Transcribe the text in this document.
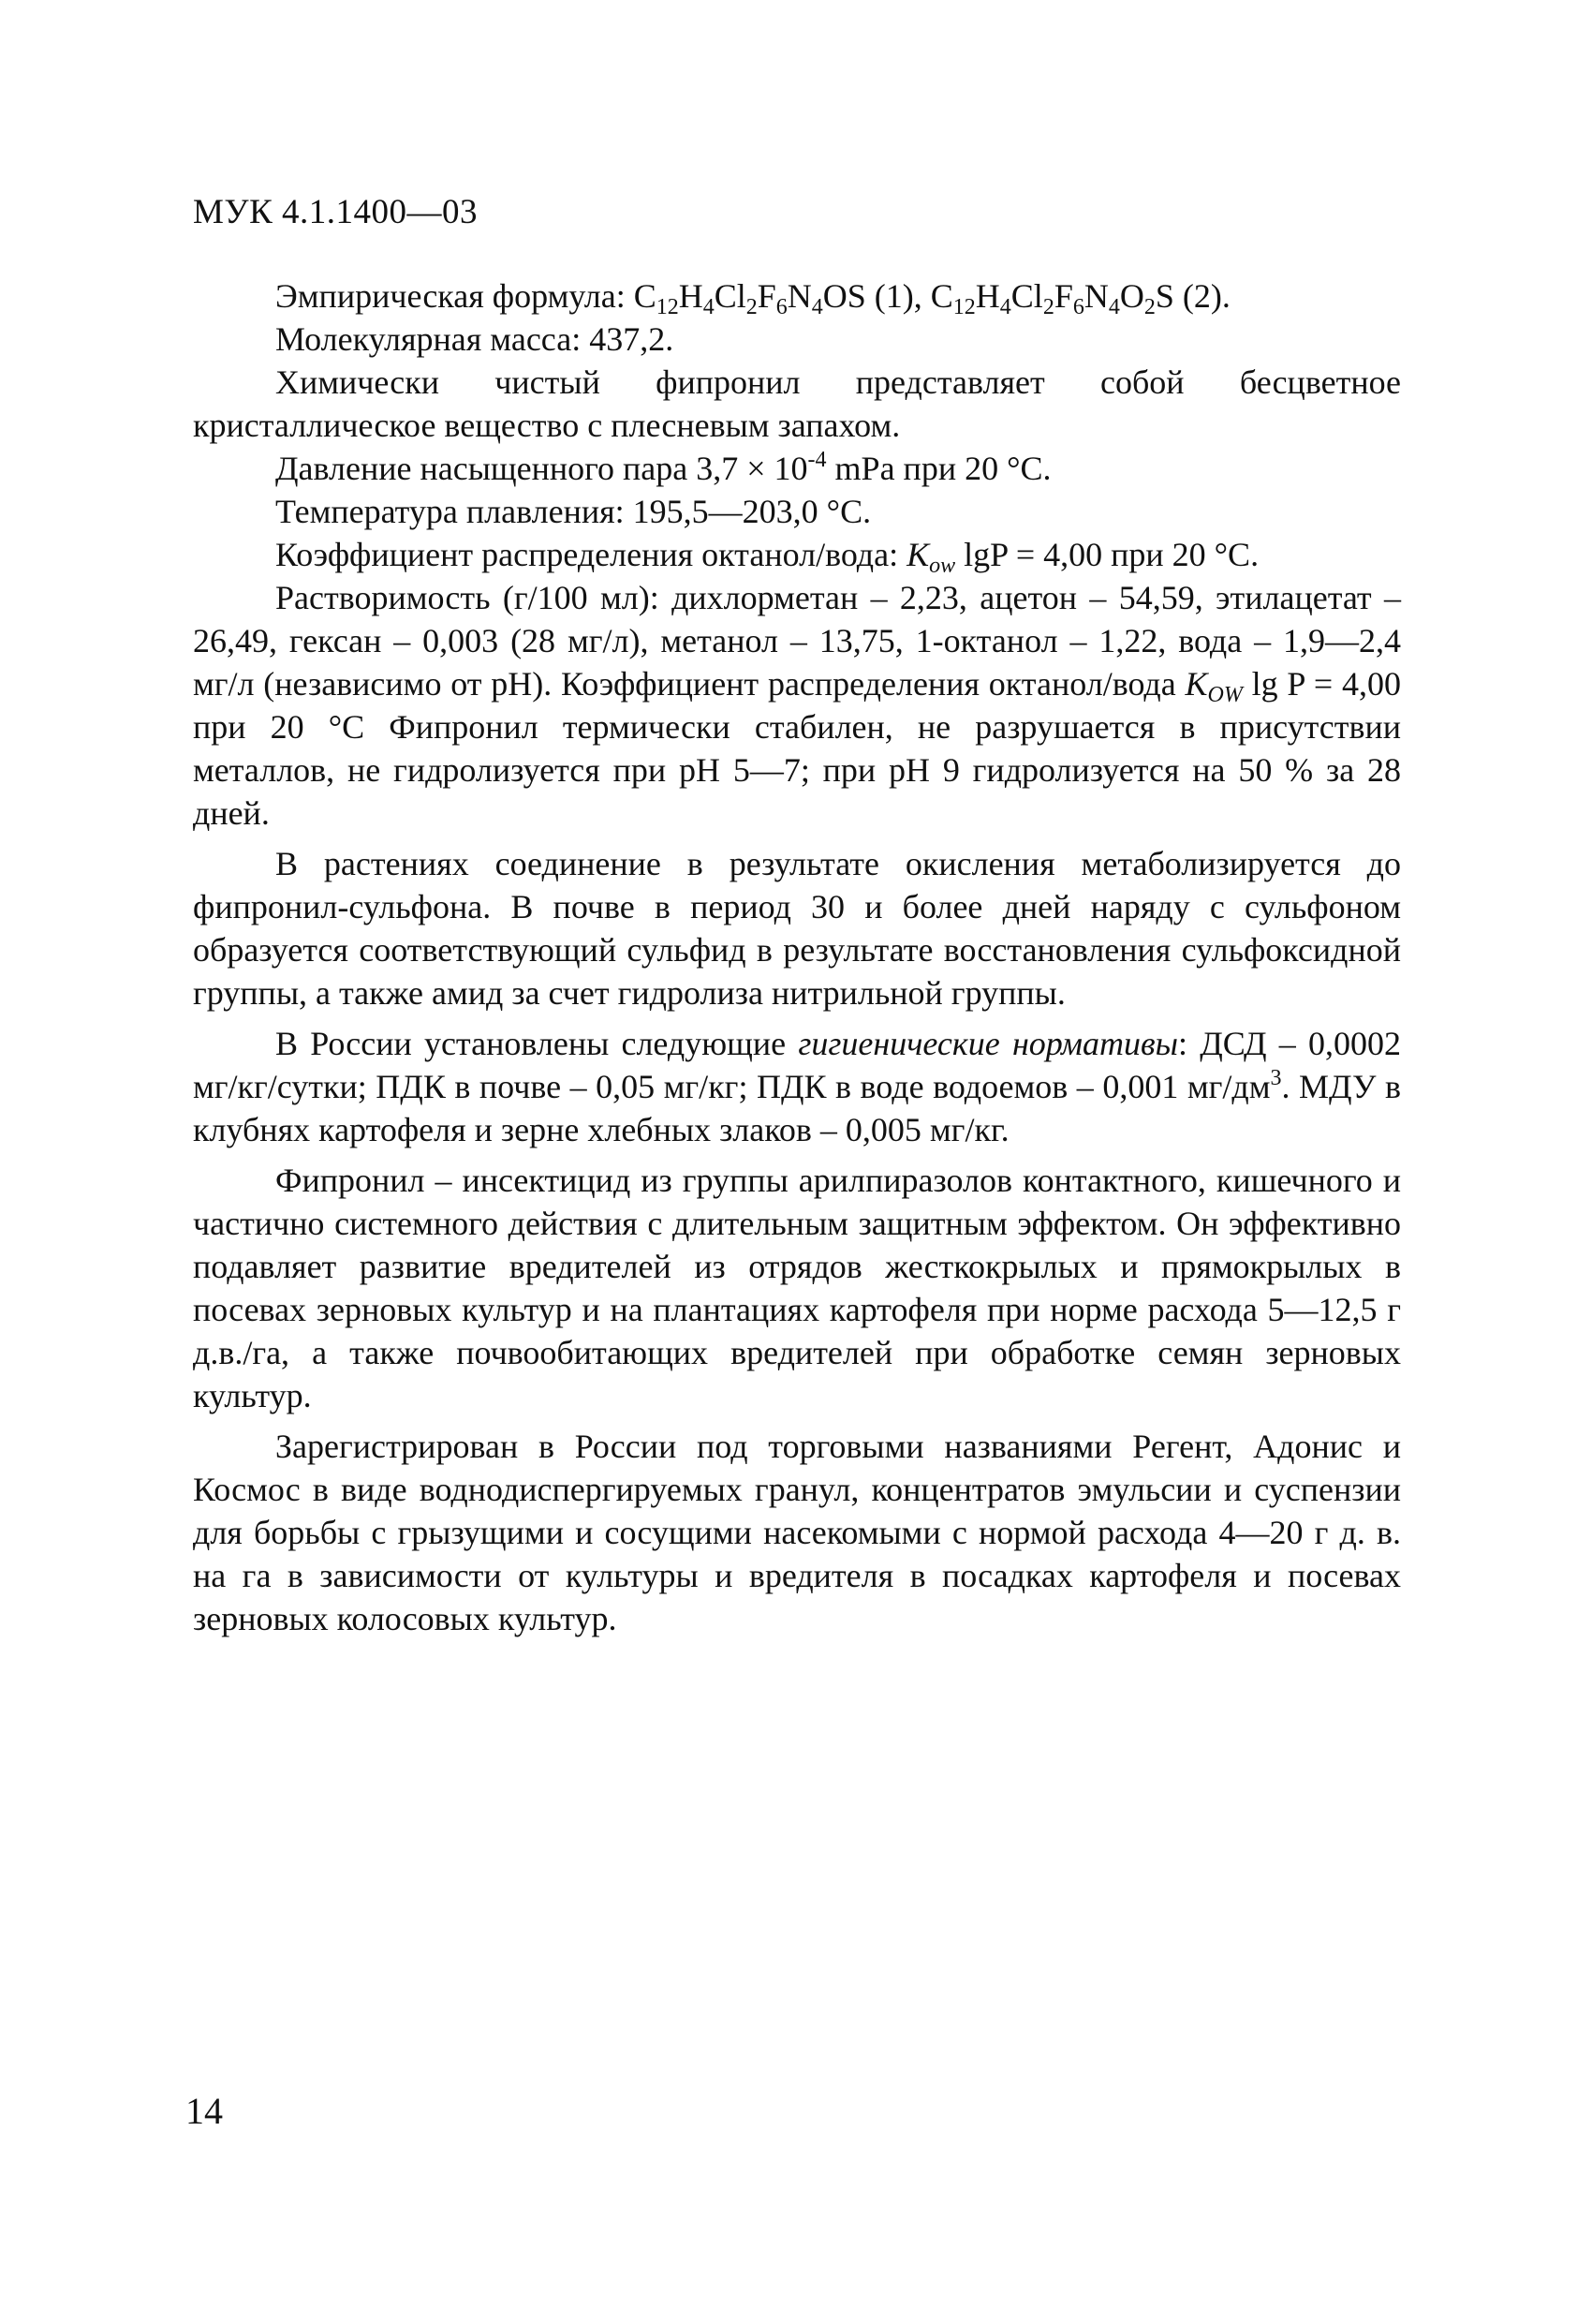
МУК 4.1.1400—03

Эмпирическая формула: $C_{12}H_4Cl_2F_6N_4OS$ (1), $C_{12}H_4Cl_2F_6N_4O_2S$ (2).

Молекулярная масса: 437,2.

Химически чистый фипронил представляет собой бесцветное кристаллическое вещество с плесневым запахом.

Давление насыщенного пара $3,7 \times 10^{-4}$ mPa при 20 °С.

Температура плавления: 195,5—203,0 °С.

Коэффициент распределения октанол/вода: $K_{ow}$ lgP = 4,00 при 20 °С.

Растворимость (г/100 мл): дихлорметан – 2,23, ацетон – 54,59, этилацетат – 26,49, гексан – 0,003 (28 мг/л), метанол – 13,75, 1-октанол – 1,22, вода – 1,9—2,4 мг/л (независимо от рН). Коэффициент распределения октанол/вода $K_{OW}$ lg P = 4,00 при 20 °С Фипронил термически стабилен, не разрушается в присутствии металлов, не гидролизуется при рН 5—7; при рН 9 гидролизуется на 50 % за 28 дней.

В растениях соединение в результате окисления метаболизируется до фипронил-сульфона. В почве в период 30 и более дней наряду с сульфоном образуется соответствующий сульфид в результате восстановления сульфоксидной группы, а также амид за счет гидролиза нитрильной группы.

В России установлены следующие гигиенические нормативы: ДСД – 0,0002 мг/кг/сутки; ПДК в почве – 0,05 мг/кг; ПДК в воде водоемов – 0,001 $мг/дм^3$. МДУ в клубнях картофеля и зерне хлебных злаков – 0,005 мг/кг.

Фипронил – инсектицид из группы арилпиразолов контактного, кишечного и частично системного действия с длительным защитным эффектом. Он эффективно подавляет развитие вредителей из отрядов жесткокрылых и прямокрылых в посевах зерновых культур и на плантациях картофеля при норме расхода 5—12,5 г д.в./га, а также почвообитающих вредителей при обработке семян зерновых культур.

Зарегистрирован в России под торговыми названиями Регент, Адонис и Космос в виде воднодиспергируемых гранул, концентратов эмульсии и суспензии для борьбы с грызущими и сосущими насекомыми с нормой расхода 4—20 г д. в. на га в зависимости от культуры и вредителя в посадках картофеля и посевах зерновых колосовых культур.

14
